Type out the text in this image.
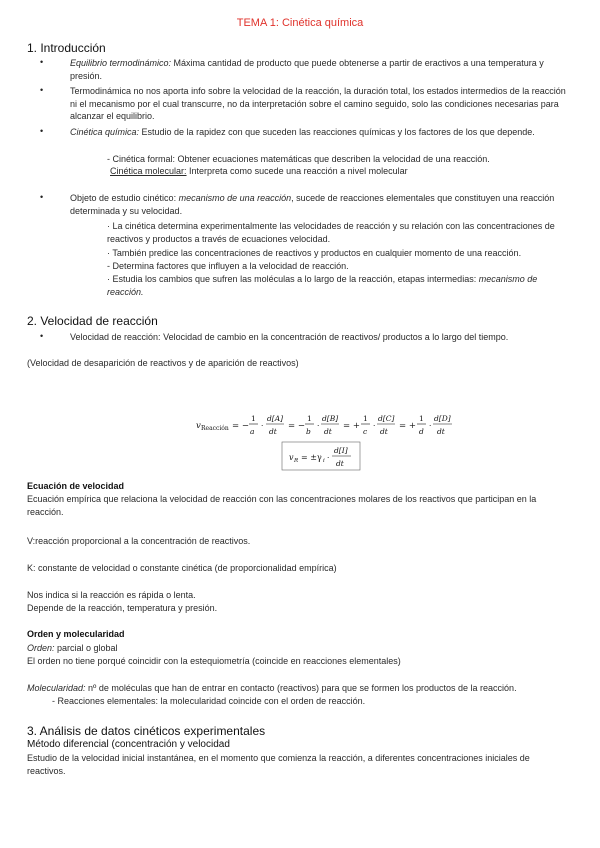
TEMA 1: Cinética química
1. Introducción
•	Equilibrio termodinámico: Máxima cantidad de producto que puede obtenerse a partir de eractivos a una temperatura y presión.

•	Termodinámica no nos aporta info sobre la velocidad de la reacción, la duración total, los estados intermedios de la reacción ni el mecanismo por el cual transcurre, no da interpretación sobre el camino seguido, solo las condiciones necesarias para alcanzar el equilibrio.

•	Cinética química: Estudio de la rapidez con que suceden las reacciones químicas y los factores de los que depende.

- Cinética formal: Obtener ecuaciones matemáticas que describen la velocidad de una reacción.

Cinética molecular: Interpreta como sucede una reacción a nivel molecular

•	Objeto de estudio cinético: mecanismo de una reacción, sucede de reacciones elementales que constituyen una reacción determinada y su velocidad.

· La cinética determina experimentalmente las velocidades de reacción y su relación con las concentraciones de reactivos y productos a través de ecuaciones velocidad.

· También predice las concentraciones de reactivos y productos en cualquier momento de una reacción.

- Determina factores que influyen a la velocidad de reacción.

· Estudia los cambios que sufren las moléculas a lo largo de la reacción, etapas intermedias: mecanismo de reacción.

2. Velocidad de reacción
•	Velocidad de reacción: Velocidad de cambio en la concentración de reactivos/ productos a lo largo del tiempo.

(Velocidad de desaparición de reactivos y de aparición de reactivos)

v Reacción = −
1
a
·
d[A]
dt
= −
1
b
·
d[B]
dt
= +
1
c
·
d[C]
dt
= +
1
d
·
d[D]
dt
v R = ±γ i ·
d[I]
dt

Ecuación de velocidad

Ecuación empírica que relaciona la velocidad de reacción con las concentraciones molares de los reactivos que participan en la reacción.

V:reacción proporcional a la concentración de reactivos.

K: constante de velocidad o constante cinética (de proporcionalidad empírica)

Nos indica si la reacción es rápida o lenta.

Depende de la reacción, temperatura y presión.

Orden y molecularidad

Orden: parcial o global

El orden no tiene porqué coincidir con la estequiometría (coincide en reacciones elementales)

Molecularidad: nº de moléculas que han de entrar en contacto (reactivos) para que se formen los productos de la reacción.

- Reacciones elementales: la molecularidad coincide con el orden de reacción.

3. Análisis de datos cinéticos experimentales

Método diferencial (concentración y velocidad

Estudio de la velocidad inicial instantánea, en el momento que comienza la reacción, a diferentes concentraciones iniciales de reactivos.
